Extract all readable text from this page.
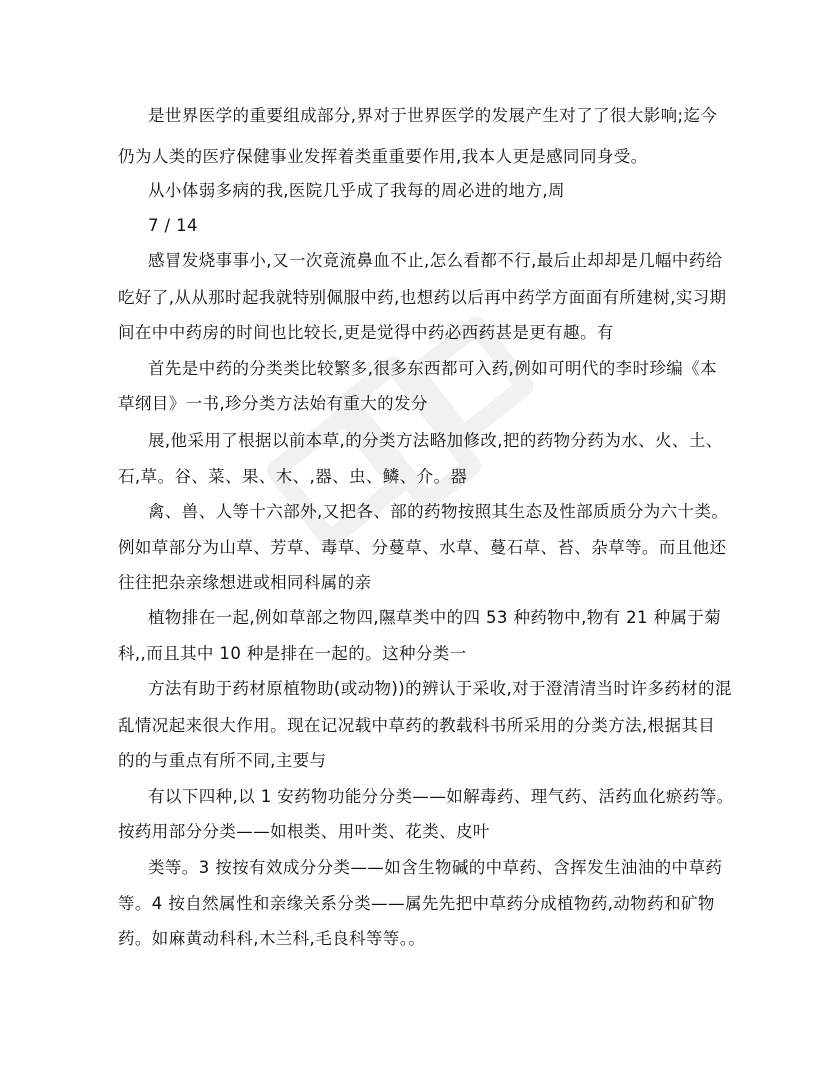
是世界医学的重要组成部分,界对于世界医学的发展产生对了了很大影响;迄今
仍为人类的医疗保健事业发挥着类重重要作用,我本人更是感同同身受。
从小体弱多病的我,医院几乎成了我每的周必进的地方,周
7 / 14
感冒发烧事事小,又一次竟流鼻血不止,怎么看都不行,最后止却却是几幅中药给
吃好了,从从那时起我就特别佩服中药,也想药以后再中药学方面面有所建树,实习期
间在中中药房的时间也比较长,更是觉得中药必西药甚是更有趣。有
首先是中药的分类类比较繁多,很多东西都可入药,例如可明代的李时珍编《本
草纲目》一书,珍分类方法始有重大的发分
展,他采用了根据以前本草,的分类方法略加修改,把的药物分药为水、火、土、
石,草。谷、菜、果、木、,器、虫、鳞、介。器
禽、兽、人等十六部外,又把各、部的药物按照其生态及性部质质分为六十类。
例如草部分为山草、芳草、毒草、分蔓草、水草、蔓石草、苔、杂草等。而且他还
往往把杂亲缘想进或相同科属的亲
植物排在一起,例如草部之物四,隰草类中的四 53 种药物中,物有 21 种属于菊
科,,而且其中 10 种是排在一起的。这种分类一
方法有助于药材原植物助(或动物))的辨认于采收,对于澄清清当时许多药材的混
乱情况起来很大作用。现在记况载中草药的教载科书所采用的分类方法,根据其目
的的与重点有所不同,主要与
有以下四种,以 1 安药物功能分分类——如解毒药、理气药、活药血化瘀药等。
按药用部分分类——如根类、用叶类、花类、皮叶
类等。3 按按有效成分分类——如含生物碱的中草药、含挥发生油油的中草药
等。4 按自然属性和亲缘关系分类——属先先把中草药分成植物药,动物药和矿物
药。如麻黄动科科,木兰科,毛良科等等。。
